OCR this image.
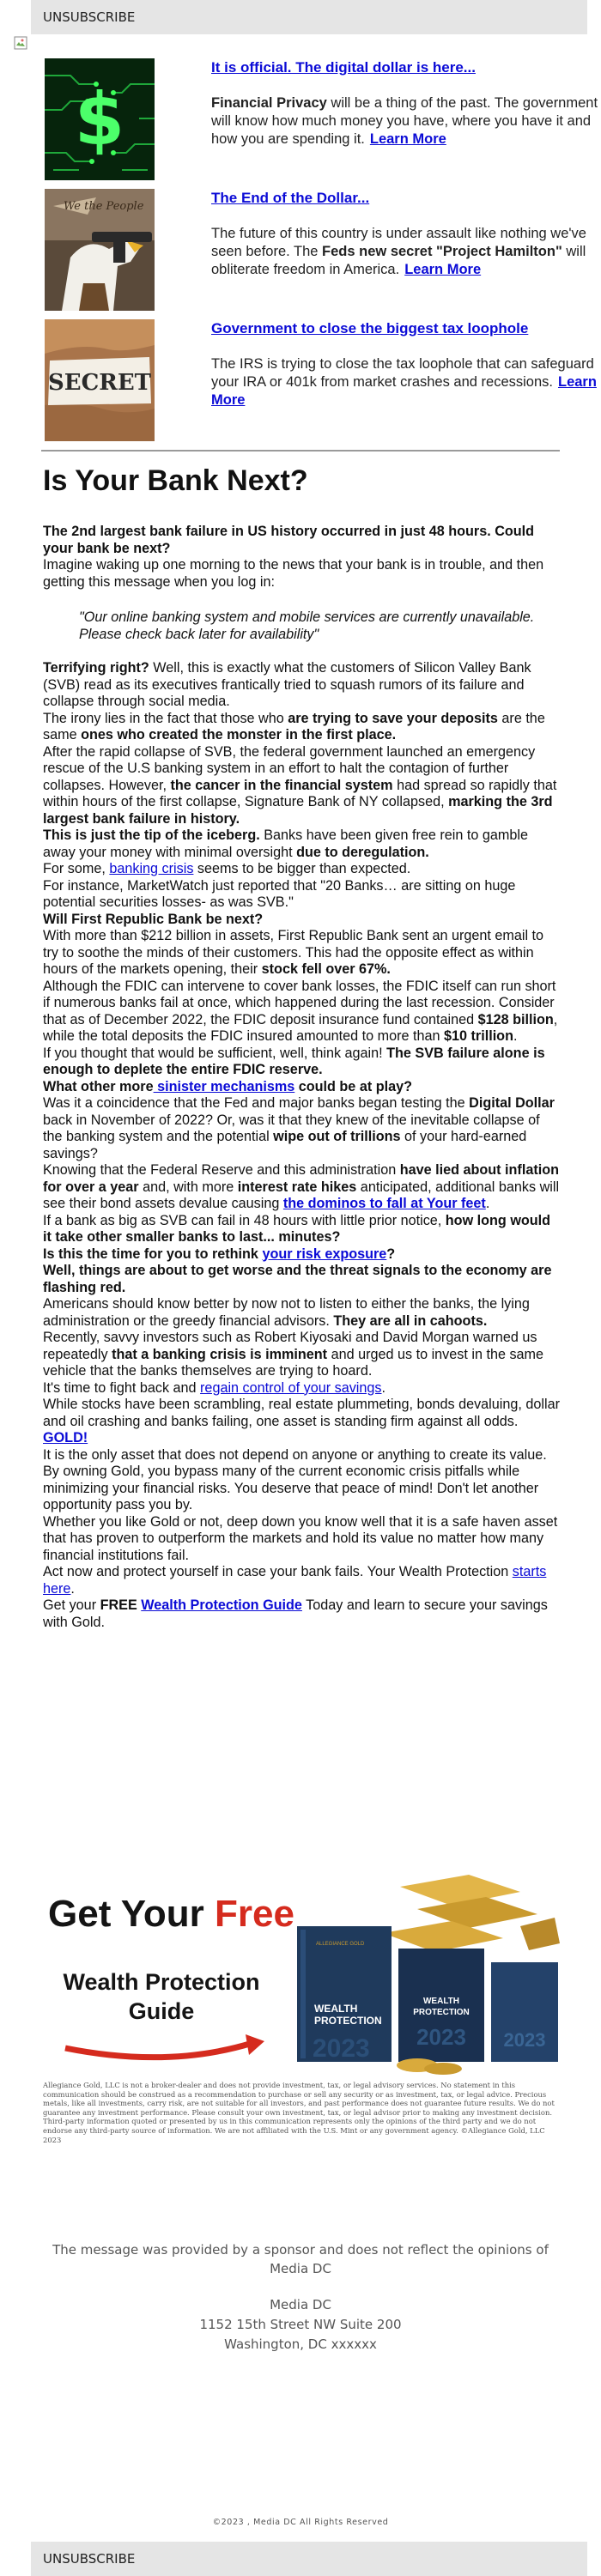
UNSUBSCRIBE
$
It is official. The digital dollar is here...

Financial Privacy will be a thing of the past. The government will know how much money you have, where you have it and how you are spending it. Learn More

We the People
The End of the Dollar...

The future of this country is under assault like nothing we've seen before. The Feds new secret "Project Hamilton" will obliterate freedom in America. Learn More

SECRET
Government to close the biggest tax loophole

The IRS is trying to close the tax loophole that can safeguard your IRA or 401k from market crashes and recessions. Learn More

Is Your Bank Next?

The 2nd largest bank failure in US history occurred in just 48 hours. Could your bank be next?

Imagine waking up one morning to the news that your bank is in trouble, and then getting this message when you log in:

"Our online banking system and mobile services are currently unavailable. Please check back later for availability"

Terrifying right? Well, this is exactly what the customers of Silicon Valley Bank (SVB) read as its executives frantically tried to squash rumors of its failure and collapse through social media.

The irony lies in the fact that those who are trying to save your deposits are the same ones who created the monster in the first place.

After the rapid collapse of SVB, the federal government launched an emergency rescue of the U.S banking system in an effort to halt the contagion of further collapses. However, the cancer in the financial system had spread so rapidly that within hours of the first collapse, Signature Bank of NY collapsed, marking the 3rd largest bank failure in history.

This is just the tip of the iceberg. Banks have been given free rein to gamble away your money with minimal oversight due to deregulation.

For some, banking crisis seems to be bigger than expected.

For instance, MarketWatch just reported that "20 Banks… are sitting on huge potential securities losses- as was SVB."

Will First Republic Bank be next?

With more than $212 billion in assets, First Republic Bank sent an urgent email to try to soothe the minds of their customers. This had the opposite effect as within hours of the markets opening, their stock fell over 67%.

Although the FDIC can intervene to cover bank losses, the FDIC itself can run short if numerous banks fail at once, which happened during the last recession. Consider that as of December 2022, the FDIC deposit insurance fund contained $128 billion, while the total deposits the FDIC insured amounted to more than $10 trillion.

If you thought that would be sufficient, well, think again! The SVB failure alone is enough to deplete the entire FDIC reserve.

What other more sinister mechanisms could be at play?

Was it a coincidence that the Fed and major banks began testing the Digital Dollar back in November of 2022? Or, was it that they knew of the inevitable collapse of the banking system and the potential wipe out of trillions of your hard-earned savings?

Knowing that the Federal Reserve and this administration have lied about inflation for over a year and, with more interest rate hikes anticipated, additional banks will see their bond assets devalue causing the dominos to fall at Your feet.

If a bank as big as SVB can fail in 48 hours with little prior notice, how long would it take other smaller banks to last... minutes?

Is this the time for you to rethink your risk exposure?

Well, things are about to get worse and the threat signals to the economy are flashing red.

Americans should know better by now not to listen to either the banks, the lying administration or the greedy financial advisors. They are all in cahoots.

Recently, savvy investors such as Robert Kiyosaki and David Morgan warned us repeatedly that a banking crisis is imminent and urged us to invest in the same vehicle that the banks themselves are trying to hoard.

It's time to fight back and regain control of your savings.

While stocks have been scrambling, real estate plummeting, bonds devaluing, dollar and oil crashing and banks failing, one asset is standing firm against all odds.

GOLD!

It is the only asset that does not depend on anyone or anything to create its value.

By owning Gold, you bypass many of the current economic crisis pitfalls while minimizing your financial risks. You deserve that peace of mind! Don't let another opportunity pass you by.

Whether you like Gold or not, deep down you know well that it is a safe haven asset that has proven to outperform the markets and hold its value no matter how many financial institutions fail.

Act now and protect yourself in case your bank fails. Your Wealth Protection starts here.

Get your FREE Wealth Protection Guide Today and learn to secure your savings with Gold.

Get Your Free
Wealth Protection
Guide	WEALTH
PROTECTION
2023
ALLEGIANCE GOLD
2023
WEALTH
PROTECTION
2023
Allegiance Gold, LLC is not a broker-dealer and does not provide investment, tax, or legal advisory services. No statement in this communication should be construed as a recommendation to purchase or sell any security or as investment, tax, or legal advice. Precious metals, like all investments, carry risk, are not suitable for all investors, and past performance does not guarantee future results. We do not guarantee any investment performance. Please consult your own investment, tax, or legal advisor prior to making any investment decision. Third-party information quoted or presented by us in this communication represents only the opinions of the third party and we do not endorse any third-party source of information. We are not affiliated with the U.S. Mint or any government agency. ©Allegiance Gold, LLC 2023
The message was provided by a sponsor and does not reflect the opinions of Media DC
Media DC
1152 15th Street NW Suite 200
Washington, DC xxxxxx
©2023 , Media DC All Rights Reserved
UNSUBSCRIBE
